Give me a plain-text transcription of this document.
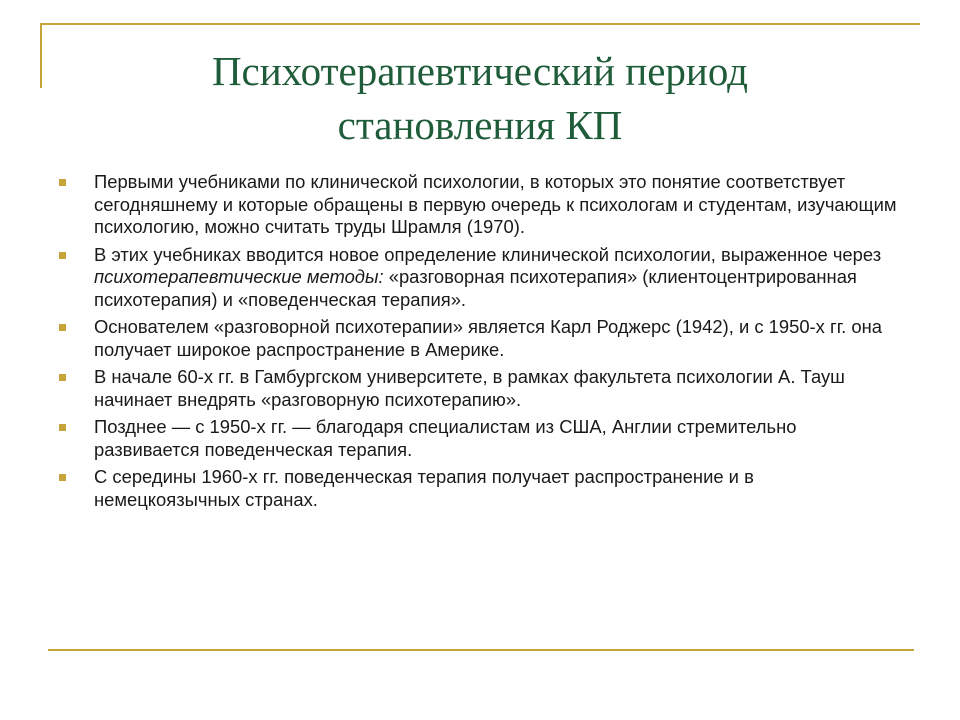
Психотерапевтический период
становления КП
Первыми учебниками по клинической психологии, в которых это понятие соответствует сегодняшнему и которые обращены в первую очередь к психологам и студентам, изучающим психологию, можно считать труды Шрамля (1970).
В этих учебниках вводится новое определение клинической психологии, выраженное через психотерапевтические методы: «разговорная психотерапия» (клиентоцентрированная психотерапия) и «поведенческая терапия».
Основателем «разговорной психотерапии» является Карл Роджерс (1942), и с 1950-х гг. она получает широкое распространение в Америке.
В начале 60-х гг. в Гамбургском университете, в рамках факультета психологии А. Тауш начинает внедрять «разговорную психотерапию».
Позднее — с 1950-х гг. — благодаря специалистам из США, Англии стремительно развивается поведенческая терапия.
С середины 1960-х гг. поведенческая терапия получает распространение и в немецкоязычных странах.
